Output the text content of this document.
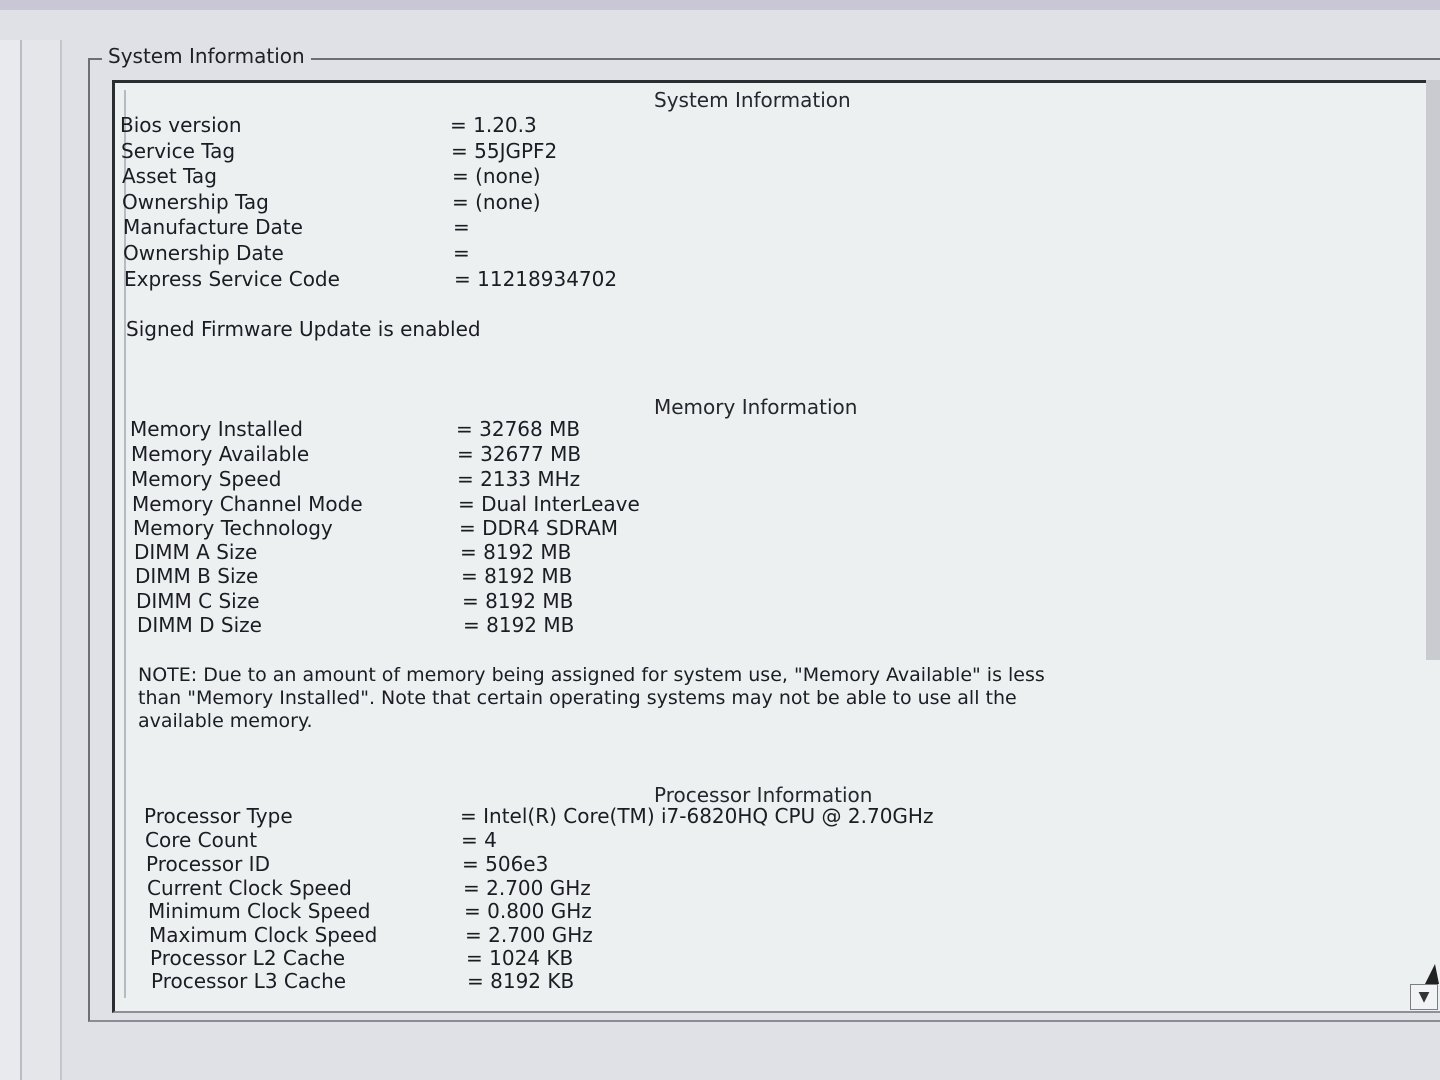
System Information
System Information
Bios version	= 1.20.3
Service Tag	= 55JGPF2
Asset Tag	= (none)
Ownership Tag	= (none)
Manufacture Date	=
Ownership Date	=
Express Service Code	= 11218934702
Signed Firmware Update is enabled
Memory Information
Memory Installed	= 32768 MB
Memory Available	= 32677 MB
Memory Speed	= 2133 MHz
Memory Channel Mode	= Dual InterLeave
Memory Technology	= DDR4 SDRAM
DIMM A Size	= 8192 MB
DIMM B Size	= 8192 MB
DIMM C Size	= 8192 MB
DIMM D Size	= 8192 MB
NOTE: Due to an amount of memory being assigned for system use, "Memory Available" is less
than "Memory Installed". Note that certain operating systems may not be able to use all the
available memory.
Processor Information
Processor Type	= Intel(R) Core(TM) i7-6820HQ CPU @ 2.70GHz
Core Count	= 4
Processor ID	= 506e3
Current Clock Speed	= 2.700 GHz
Minimum Clock Speed	= 0.800 GHz
Maximum Clock Speed	= 2.700 GHz
Processor L2 Cache	= 1024 KB
Processor L3 Cache	= 8192 KB
▼
